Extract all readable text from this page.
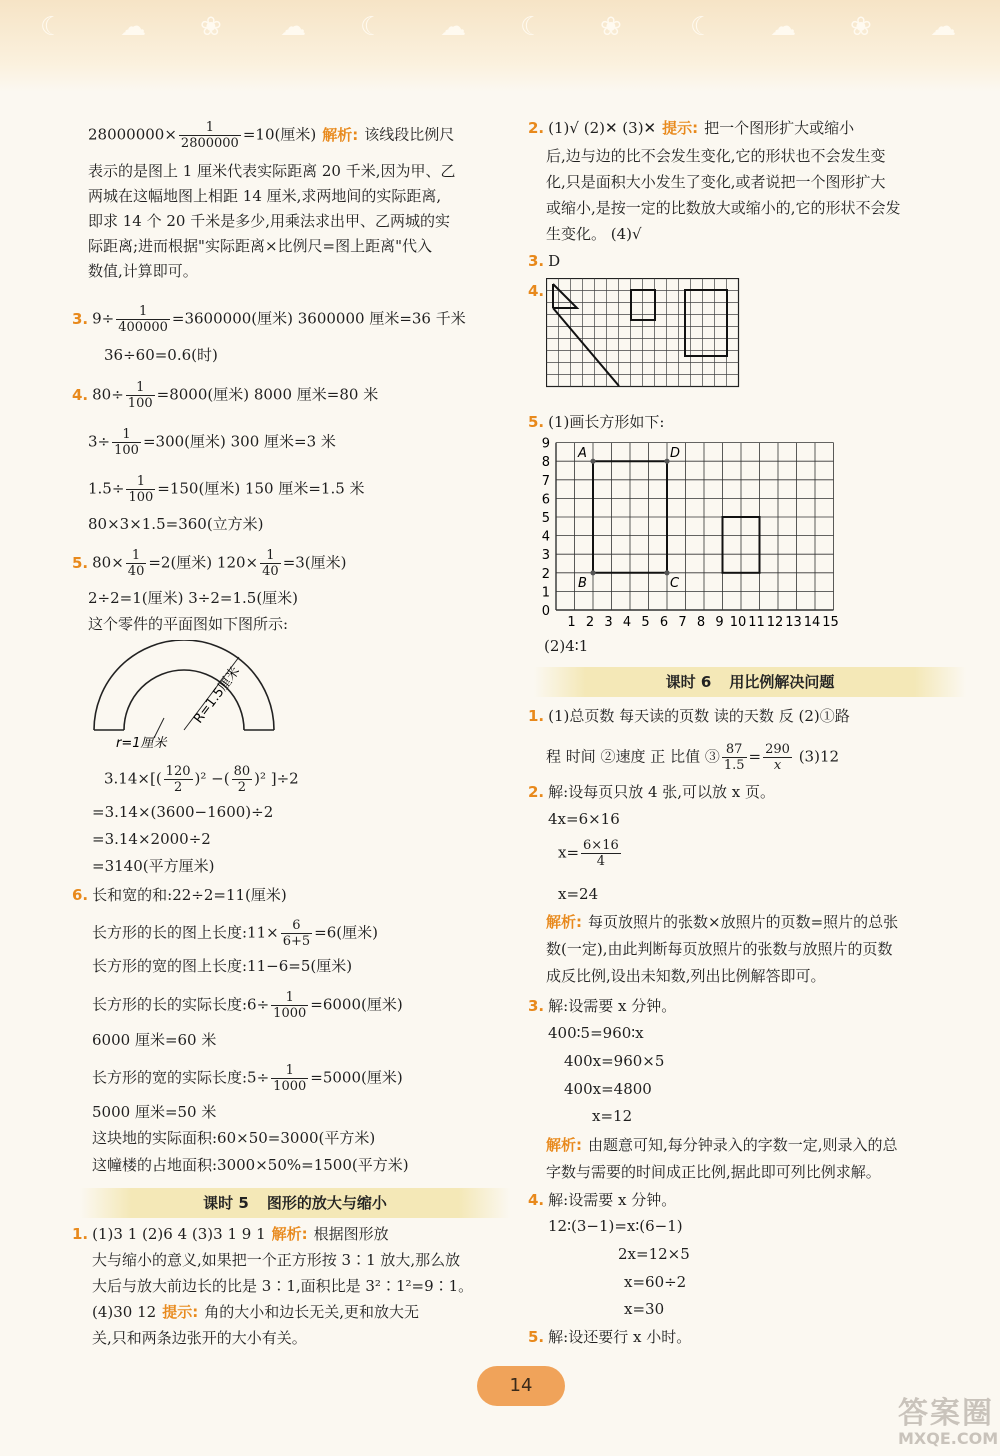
☾ ☁ ❀ ☁ ☾ ☁ ☾ ❀	☾ ☁ ❀ ☁
$28000000\times \frac{1}{2800000} =10$(厘米) 解析: 该线段比例尺
表示的是图上 1 厘米代表实际距离 20 千米,因为甲、乙
两城在这幅地图上相距 14 厘米,求两地间的实际距离,
即求 14 个 20 千米是多少,用乘法求出甲、乙两城的实
际距离;进而根据"实际距离×比例尺=图上距离"代入
数值,计算即可。
3. $9\div \frac{1}{400000} =3600000$(厘米) 3600000 厘米=36 千米
36÷60=0.6(时)
4. $80\div \frac{1}{100} =8000$(厘米) 8000 厘米=80 米
$3\div \frac{1}{100} =300$(厘米) 300 厘米=3 米
$1.5\div \frac{1}{100} =150$(厘米) 150 厘米=1.5 米
80×3×1.5=360(立方米)
5. $80\times \frac{1}{40} =2$(厘米) $120\times \frac{1}{40} =3$(厘米)
2÷2=1(厘米) 3÷2=1.5(厘米)
这个零件的平面图如下图所示:
R=1.5厘米
r=1厘米
$3.14\times[( \frac{120}{2} )^2$ −( $\frac{80}{2} )^2$ ]÷2
=3.14×(3600−1600)÷2
=3.14×2000÷2
=3140(平方厘米)
6. 长和宽的和:22÷2=11(厘米)
长方形的长的图上长度:11× $\frac{6}{6+5} =6$(厘米)
长方形的宽的图上长度:11−6=5(厘米)
长方形的长的实际长度:6÷ $\frac{1}{1000} =6000$(厘米)
6000 厘米=60 米
长方形的宽的实际长度:5÷ $\frac{1}{1000} =5000$(厘米)
5000 厘米=50 米
这块地的实际面积:60×50=3000(平方米)
这幢楼的占地面积:3000×50%=1500(平方米)
课时 5 图形的放大与缩小
1. (1)3 1 (2)6 4 (3)3 1 9 1 解析: 根据图形放
大与缩小的意义,如果把一个正方形按 3∶1 放大,那么放
大后与放大前边长的比是 3∶1,面积比是 3²∶1²=9∶1。
(4)30 12 提示: 角的大小和边长无关,更和放大无
关,只和两条边张开的大小有关。
2. (1)√ (2)✕ (3)✕ 提示: 把一个图形扩大或缩小
后,边与边的比不会发生变化,它的形状也不会发生变
化,只是面积大小发生了变化,或者说把一个图形扩大
或缩小,是按一定的比数放大或缩小的,它的形状不会发
生变化。 (4)√
3. D
4.
5. (1)画长方形如下:
0
1
2
3
4
5
6
7
8
9
1 2 3 4 5 6 7 8 9 10 11 12 13 14 15
A	D
B	C
(2)4∶1
课时 6 用比例解决问题
1. (1)总页数 每天读的页数 读的天数 反 (2)①路
程 时间 ②速度 正 比值 ③ $\frac{87}{1.5} = \frac{290}{x} (3)12$
2. 解:设每页只放 4 张,可以放 x 页。
4x=6×16
$x= \frac{6\times 16}{4}$
x=24
解析: 每页放照片的张数×放照片的页数=照片的总张
数(一定),由此判断每页放照片的张数与放照片的页数
成反比例,设出未知数,列出比例解答即可。
3. 解:设需要 x 分钟。
400∶5=960∶x
400x=960×5
400x=4800
x=12
解析: 由题意可知,每分钟录入的字数一定,则录入的总
字数与需要的时间成正比例,据此即可列比例求解。
4. 解:设需要 x 分钟。
12∶(3−1)=x∶(6−1)
2x=12×5
x=60÷2
x=30
5. 解:设还要行 x 小时。
14
答案圈
MXQE.COM
